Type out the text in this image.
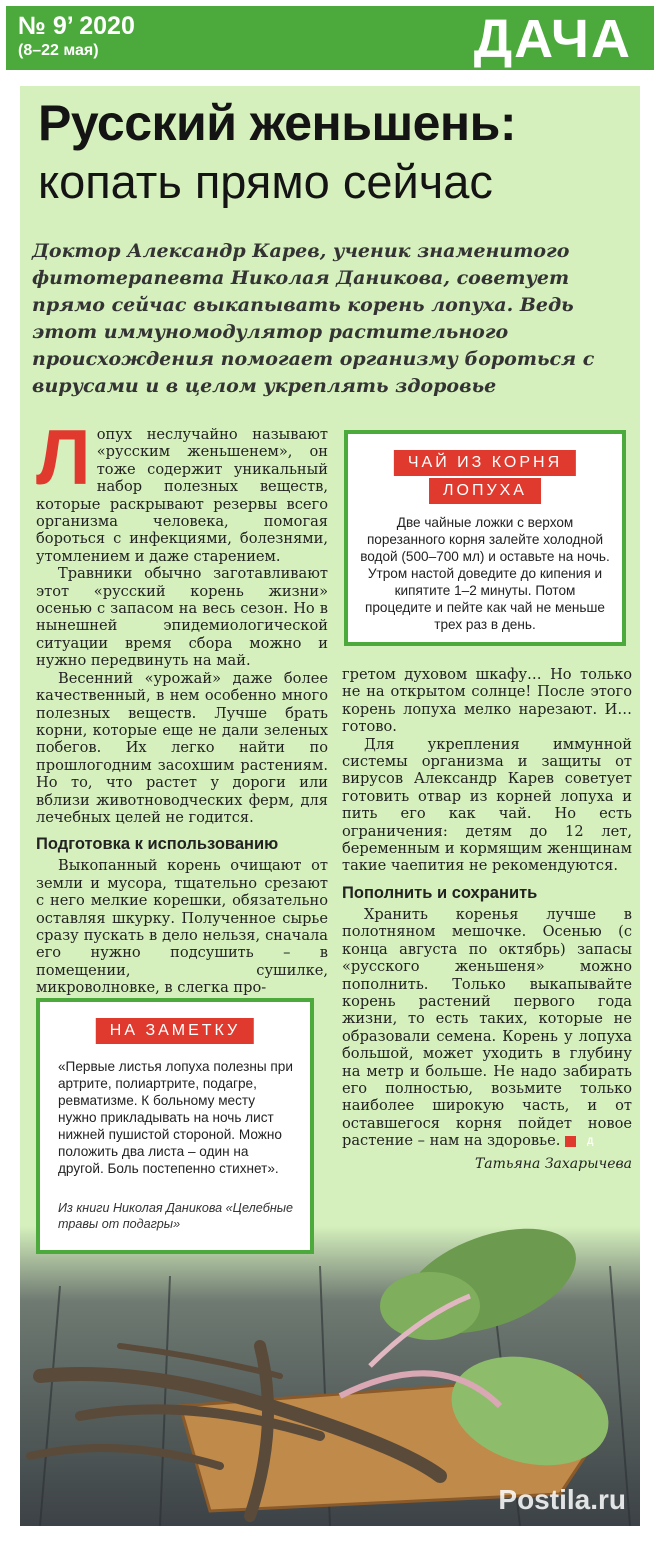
№ 9’ 2020
(8–22 мая)	ДАЧА
Русский женьшень:
копать прямо сейчас
Доктор Александр Карев, ученик знаменитого фитотерапевта Николая Даникова, советует прямо сейчас выкапывать корень лопуха. Ведь этот иммуномодулятор растительного происхождения помогает организму бороться с вирусами и в целом укреплять здоровье

Лопух неслучайно называют «русским женьшенем», он тоже содержит уникальный набор полезных веществ, которые раскрывают резервы всего организма человека, помогая бороться с инфекциями, болезнями, утомлением и даже старением.

Травники обычно заготавливают этот «русский корень жизни» осенью с запасом на весь сезон. Но в нынешней эпидемиологической ситуации время сбора можно и нужно передвинуть на май.

Весенний «урожай» даже более качественный, в нем особенно много полезных веществ. Лучше брать корни, которые еще не дали зеленых побегов. Их легко найти по прошлогодним засохшим растениям. Но то, что растет у дороги или вблизи животноводческих ферм, для лечебных целей не годится.

Подготовка к использованию

Выкопанный корень очищают от земли и мусора, тщательно срезают с него мелкие корешки, обязательно оставляя шкурку. Полученное сырье сразу пускать в дело нельзя, сначала его нужно подсушить – в помещении, сушилке, микроволновке, в слегка про-

гретом духовом шкафу… Но только не на открытом солнце! После этого корень лопуха мелко нарезают. И… готово.

Для укрепления иммунной системы организма и защиты от вирусов Александр Карев советует готовить отвар из корней лопуха и пить его как чай. Но есть ограничения: детям до 12 лет, беременным и кормящим женщинам такие чаепития не рекомендуются.

Пополнить и сохранить

Хранить коренья лучше в полотняном мешочке. Осенью (с конца августа по октябрь) запасы «русского женьшеня» можно пополнить. Только выкапывайте корень растений первого года жизни, то есть таких, которые не образовали семена. Корень у лопуха большой, может уходить в глубину на метр и больше. Не надо забирать его полностью, возьмите только наиболее широкую часть, и от оставшегося корня пойдет новое растение – нам на здоровье.	Д

Татьяна Захарычева
ЧАЙ ИЗ КОРНЯ
ЛОПУХА
Две чайные ложки с верхом порезанного корня залейте холодной водой (500–700 мл) и оставьте на ночь. Утром настой доведите до кипения и кипятите 1–2 минуты. Потом процедите и пейте как чай не меньше трех раз в день.
НА ЗАМЕТКУ
«Первые листья лопуха полезны при артрите, полиартрите, подагре, ревматизме. К больному месту нужно прикладывать на ночь лист нижней пушистой стороной. Можно положить два листа – один на другой. Боль постепенно стихнет».
Из книги Николая Даникова «Целебные травы от подагры»
Postila.ru
